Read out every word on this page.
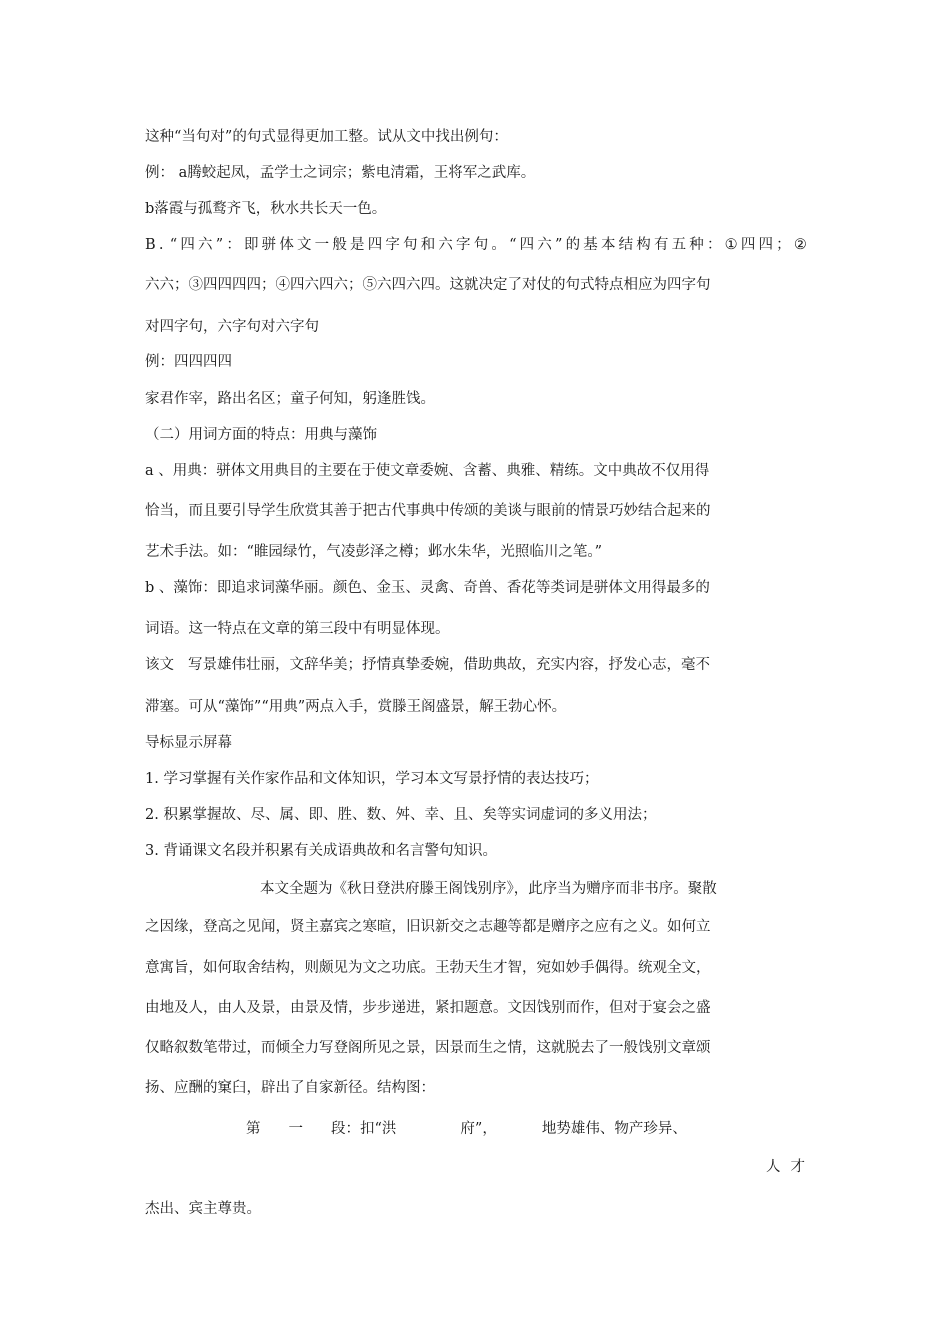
这种“当句对”的句式显得更加工整。试从文中找出例句：
例： a腾蛟起凤，孟学士之词宗；紫电清霜，王将军之武库。
b落霞与孤鹜齐飞，秋水共长天一色。
B . “ 四 六 ” ： 即 骈 体 文 一 般 是 四 字 句 和 六 字 句 。 “ 四 六 ” 的 基 本 结 构 有 五 种 ： ① 四 四 ； ②
六六；③四四四四；④四六四六；⑤六四六四。这就决定了对仗的句式特点相应为四字句
对四字句，六字句对六字句
例：四四四四
家君作宰，路出名区；童子何知，躬逢胜饯。
（二）用词方面的特点：用典与藻饰
a 、用典：骈体文用典目的主要在于使文章委婉、含蓄、典雅、精练。文中典故不仅用得
恰当，而且要引导学生欣赏其善于把古代事典中传颂的美谈与眼前的情景巧妙结合起来的
艺术手法。如：“睢园绿竹，气凌彭泽之樽；邺水朱华，光照临川之笔。”
b 、藻饰：即追求词藻华丽。颜色、金玉、灵禽、奇兽、香花等类词是骈体文用得最多的
词语。这一特点在文章的第三段中有明显体现。
该文 写景雄伟壮丽，文辞华美；抒情真挚委婉，借助典故，充实内容，抒发心志，毫不
滞塞。可从“藻饰”“用典”两点入手，赏滕王阁盛景，解王勃心怀。
导标显示屏幕
1. 学习掌握有关作家作品和文体知识，学习本文写景抒情的表达技巧；
2. 积累掌握故、尽、属、即、胜、数、舛、幸、且、矣等实词虚词的多义用法；
3. 背诵课文名段并积累有关成语典故和名言警句知识。
本文全题为《秋日登洪府滕王阁饯别序》，此序当为赠序而非书序。聚散
之因缘，登高之见闻，贤主嘉宾之寒暄，旧识新交之志趣等都是赠序之应有之义。如何立
意寓旨，如何取舍结构，则颇见为文之功底。王勃天生才智，宛如妙手偶得。统观全文，
由地及人，由人及景，由景及情，步步递进，紧扣题意。文因饯别而作，但对于宴会之盛
仅略叙数笔带过，而倾全力写登阁所见之景，因景而生之情，这就脱去了一般饯别文章颂
扬、应酬的窠臼，辟出了自家新径。结构图：
第 一 段：扣“洪	府”，	地势雄伟、物产珍异、
人 才
杰出、宾主尊贵。
